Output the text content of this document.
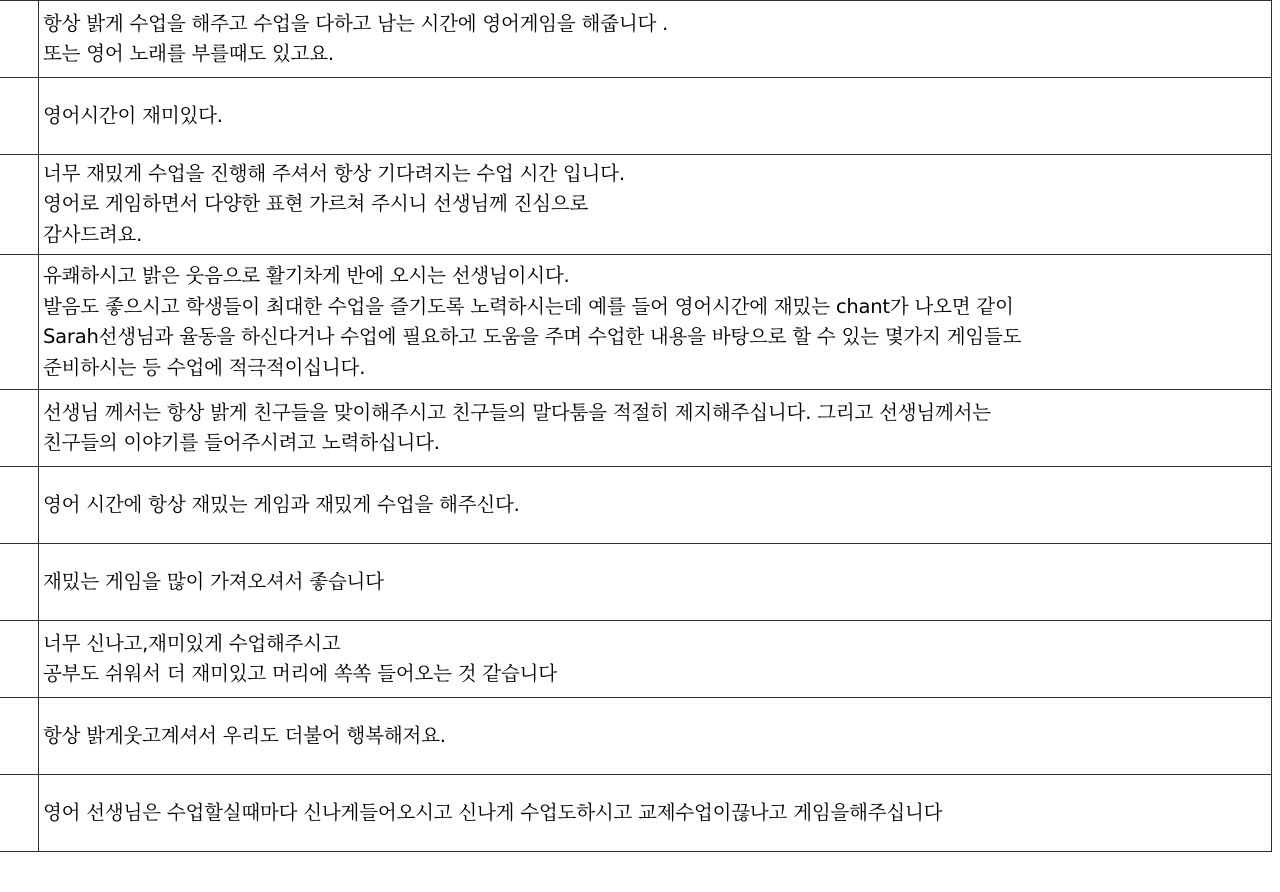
	항상 밝게 수업을 해주고 수업을 다하고 남는 시간에 영어게임을 해줍니다 .
또는 영어 노래를 부를때도 있고요.

	영어시간이 재미있다.

	너무 재밌게 수업을 진행해 주셔서 항상 기다려지는 수업 시간 입니다.
영어로 게임하면서 다양한 표현 가르쳐 주시니 선생님께 진심으로
감사드려요.

	유쾌하시고 밝은 웃음으로 활기차게 반에 오시는 선생님이시다.
발음도 좋으시고 학생들이 최대한 수업을 즐기도록 노력하시는데 예를 들어 영어시간에 재밌는 chant가 나오면 같이
Sarah선생님과 율동을 하신다거나 수업에 필요하고 도움을 주며 수업한 내용을 바탕으로 할 수 있는 몇가지 게임들도
준비하시는 등 수업에 적극적이십니다.

	선생님 께서는 항상 밝게 친구들을 맞이해주시고 친구들의 말다툼을 적절히 제지해주십니다. 그리고 선생님께서는
친구들의 이야기를 들어주시려고 노력하십니다.

	영어 시간에 항상 재밌는 게임과 재밌게 수업을 해주신다.

	재밌는 게임을 많이 가져오셔서 좋습니다

	너무 신나고,재미있게 수업해주시고
공부도 쉬워서 더 재미있고 머리에 쏙쏙 들어오는 것 같습니다

	항상 밝게웃고계셔서 우리도 더불어 행복해저요.

	영어 선생님은 수업할실때마다 신나게들어오시고 신나게 수업도하시고 교제수업이끊나고 게임을해주십니다
